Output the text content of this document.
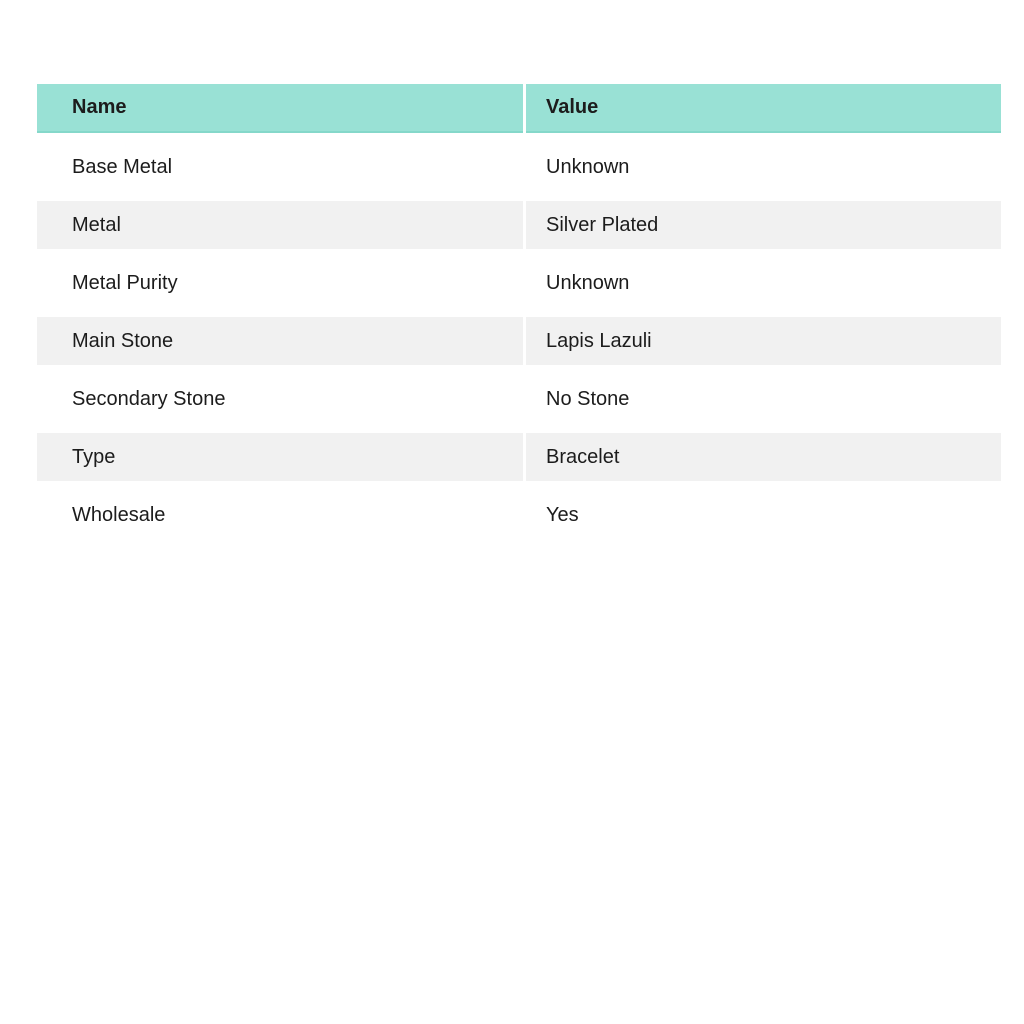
Name	Value
Base Metal	Unknown
Metal	Silver Plated
Metal Purity	Unknown
Main Stone	Lapis Lazuli
Secondary Stone	No Stone
Type	Bracelet
Wholesale	Yes
